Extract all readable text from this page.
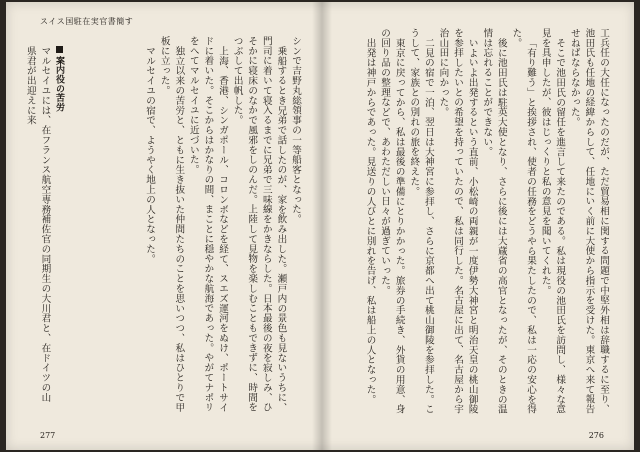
スイス国駐在実官書簡す

シンで吉野丸総領事の一等船客となった。

乗船するとき兄弟で話したのが、家を飲み出した。瀬戸内の景色も見ないうちに、門司に着いて寝入るまでに兄弟で三味線をかきならした。日本最後の夜を寂しみ、ひそかに寝床のなかで風邪をしのんだ。上陸して見物を楽しむこともできずに、時間をつぶして出帆した。

上海、香港、シンガポール、コロンボなどを経て、スエズ運河をぬけ、ポートサイドに着いた。そこからはかなりの間、まことに穏やかな航海であった。やがてナポリをへてマルセイユに近づいた。

独立以来の苦労と、ともに生き抜いた仲間たちのことを思いつつ、私はひとりで甲板に立った。

マルセイユの宿で、ようやく地上の人となった。

案内役の苦労
マルセイユには、在フランス航空専務補佐官の同期生の大川君と、在ドイツの山県君が出迎えに来
277

工兵任の大任になったのだが、ただ貿易相に関する問題で中堅外相は辞職するに至り、池田氏も任地の経緯からして、任地にいく前に大使から指示を受けた。東京へ来て報告せねばならなかった。

そこで池田氏の留任を進言して来たのである。私は現役の池田氏を訪問し、様々な意見を具申したが、彼はじっくりと私の意見を聞いてくれた。

「有り難う」と挨拶され、使者の任務をどうやら果たしたので、私は一応の安心を得た。

後に池田氏は駐英大使となり、さらに後には大蔵省の高官となったが、そのときの温情は忘れることができない。

いよいよ出発するという直前、小松崎の両親が一度伊勢大神宮と明治天皇の桃山御陵を参拝したいとの希望を持っていたので、私は同行した。名古屋に出て、名古屋から宇治山田に向かった。

二見の宿で一泊、翌日は大神宮に参拝し、さらに京都へ出て桃山御陵を参拝した。こうして、家族との別れの旅を終えた。

東京に戻ってから、私は最後の準備にとりかかった。旅券の手続き、外貨の用意、身の回り品の整理などで、あわただしい日々が過ぎていった。

出発は神戸からであった。見送りの人びとに別れを告げ、私は船上の人となった。

276
